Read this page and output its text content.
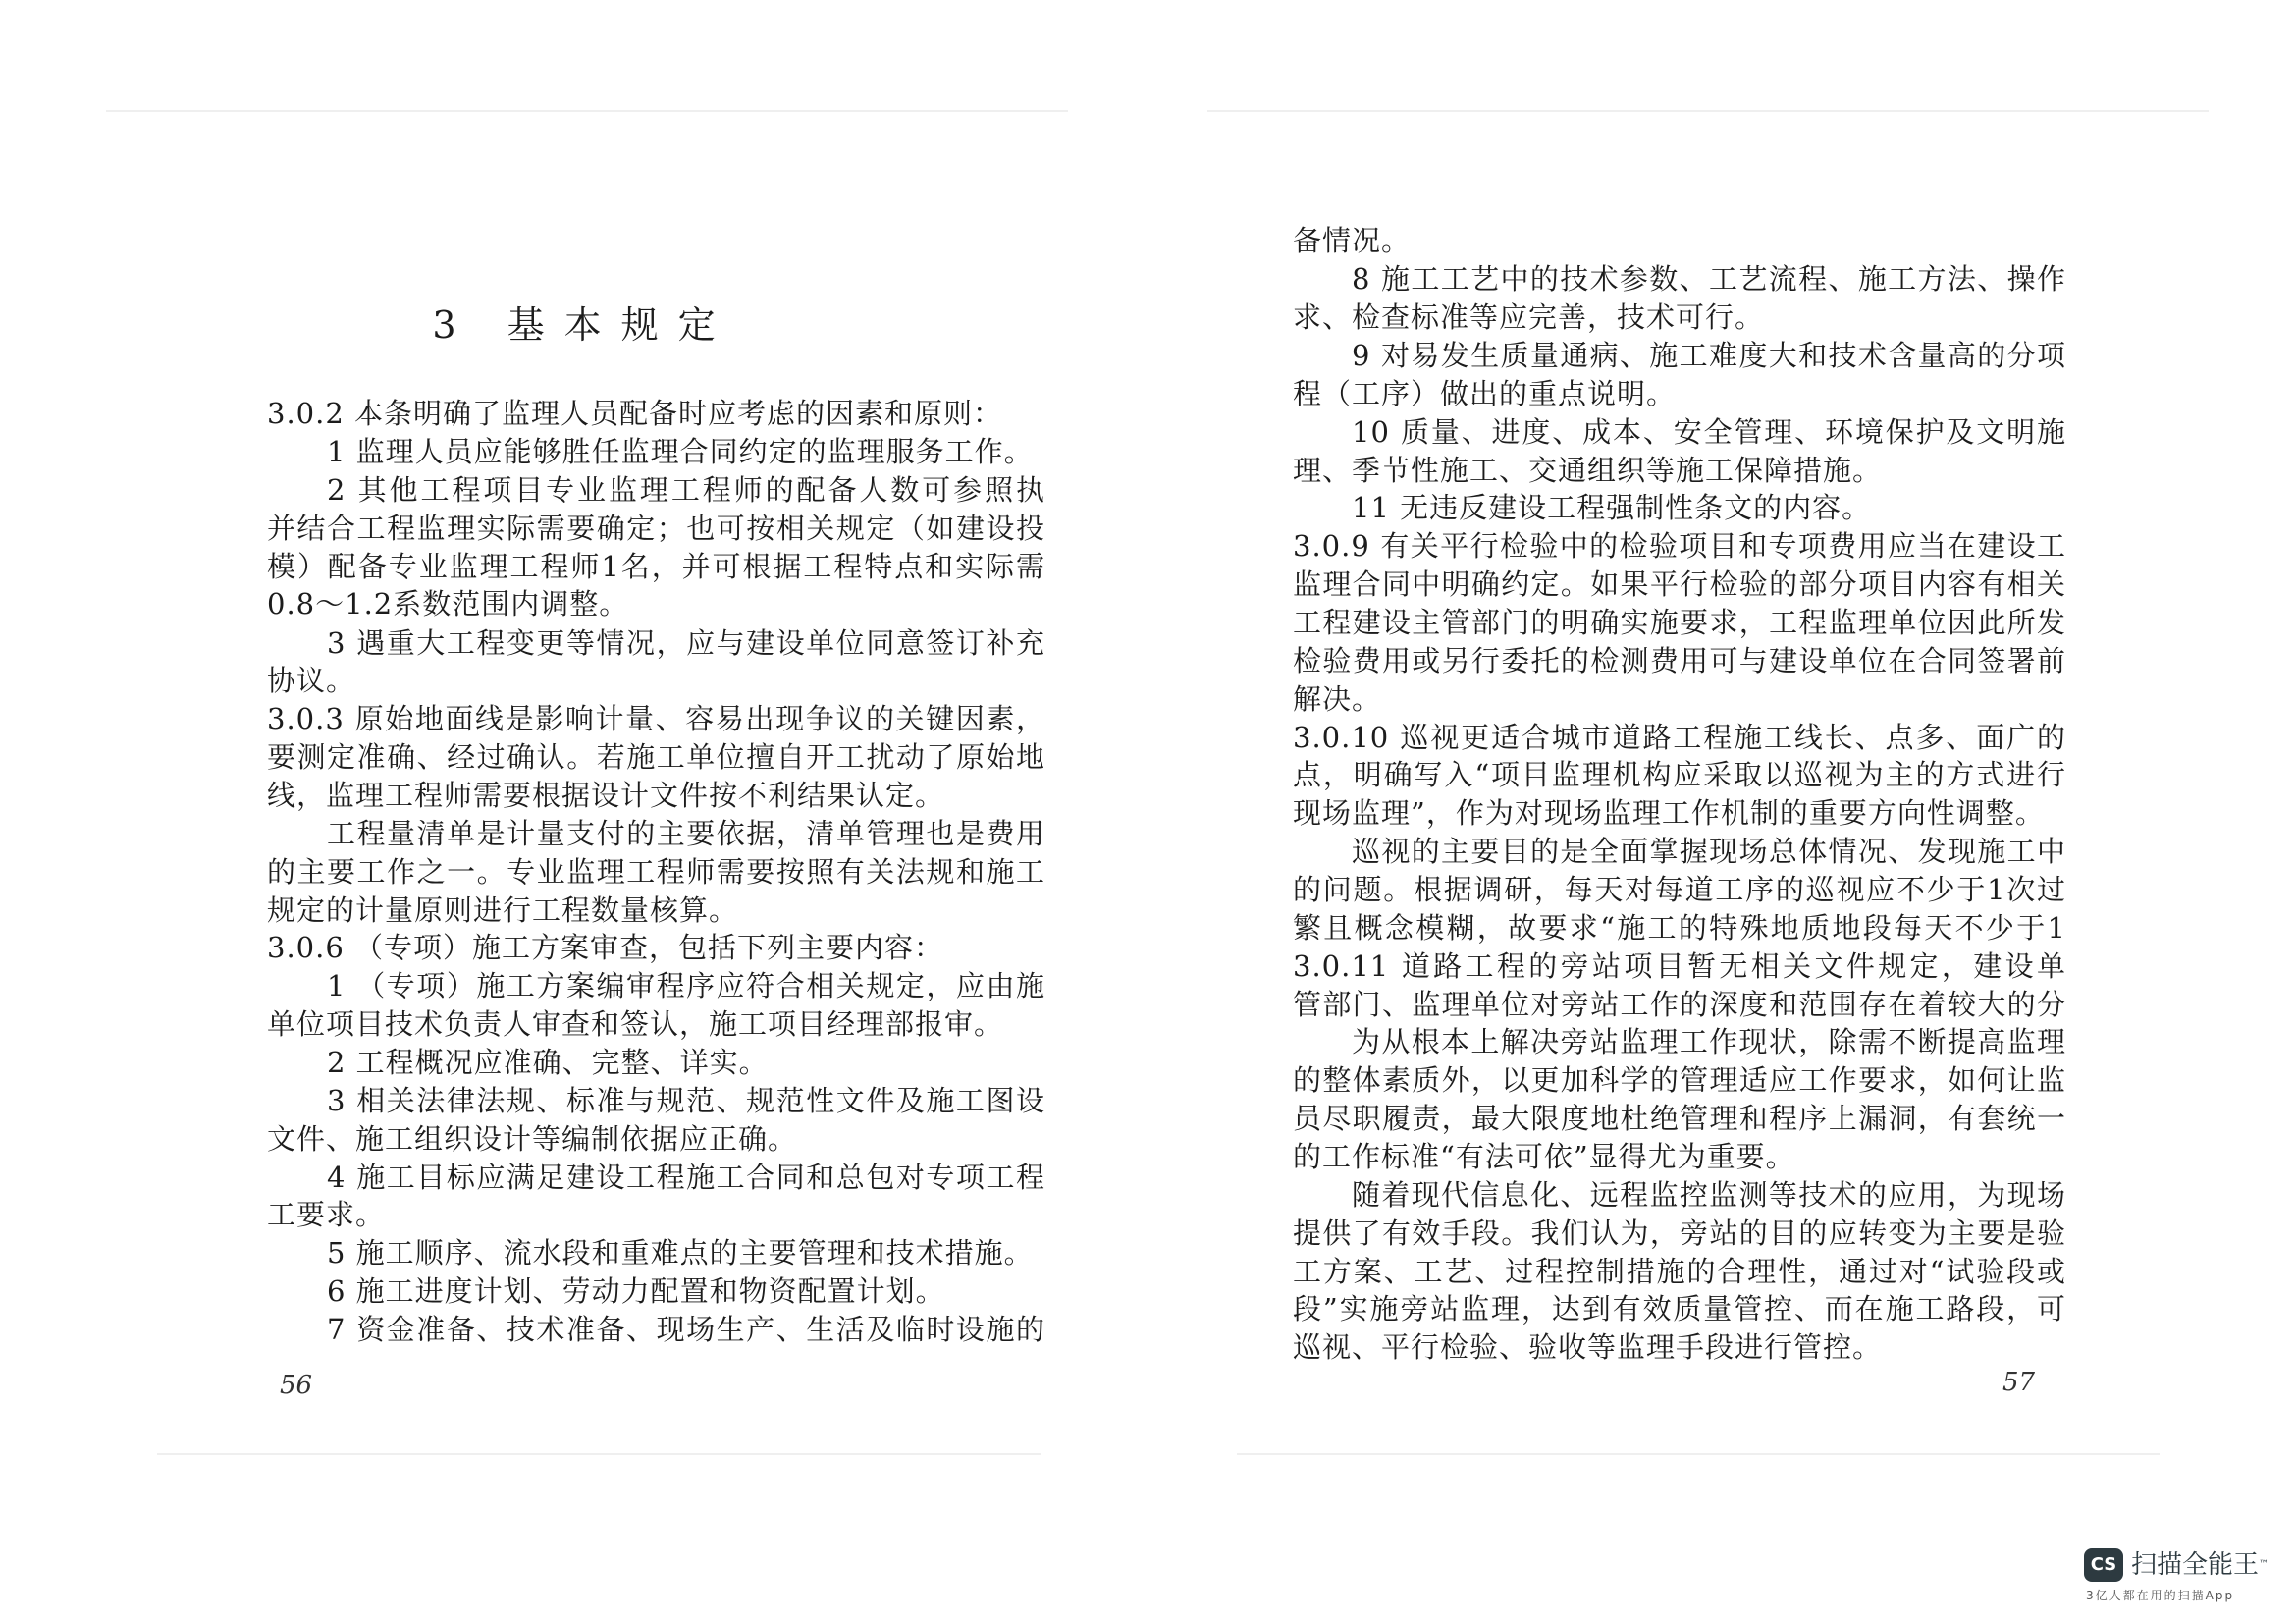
3 基本规定
3.0.2 本条明确了监理人员配备时应考虑的因素和原则：
1 监理人员应能够胜任监理合同约定的监理服务工作。
2 其他工程项目专业监理工程师的配备人数可参照执
并结合工程监理实际需要确定；也可按相关规定（如建设投
模）配备专业监理工程师1名，并可根据工程特点和实际需
0.8～1.2系数范围内调整。
3 遇重大工程变更等情况，应与建设单位同意签订补充
协议。
3.0.3 原始地面线是影响计量、容易出现争议的关键因素，
要测定准确、经过确认。若施工单位擅自开工扰动了原始地
线，监理工程师需要根据设计文件按不利结果认定。
工程量清单是计量支付的主要依据，清单管理也是费用
的主要工作之一。专业监理工程师需要按照有关法规和施工
规定的计量原则进行工程数量核算。
3.0.6 （专项）施工方案审查，包括下列主要内容：
1 （专项）施工方案编审程序应符合相关规定，应由施
单位项目技术负责人审查和签认，施工项目经理部报审。
2 工程概况应准确、完整、详实。
3 相关法律法规、标准与规范、规范性文件及施工图设
文件、施工组织设计等编制依据应正确。
4 施工目标应满足建设工程施工合同和总包对专项工程
工要求。
5 施工顺序、流水段和重难点的主要管理和技术措施。
6 施工进度计划、劳动力配置和物资配置计划。
7 资金准备、技术准备、现场生产、生活及临时设施的
56
备情况。
8 施工工艺中的技术参数、工艺流程、施工方法、操作
求、检查标准等应完善，技术可行。
9 对易发生质量通病、施工难度大和技术含量高的分项
程（工序）做出的重点说明。
10 质量、进度、成本、安全管理、环境保护及文明施
理、季节性施工、交通组织等施工保障措施。
11 无违反建设工程强制性条文的内容。
3.0.9 有关平行检验中的检验项目和专项费用应当在建设工
监理合同中明确约定。如果平行检验的部分项目内容有相关
工程建设主管部门的明确实施要求，工程监理单位因此所发
检验费用或另行委托的检测费用可与建设单位在合同签署前
解决。
3.0.10 巡视更适合城市道路工程施工线长、点多、面广的
点，明确写入“项目监理机构应采取以巡视为主的方式进行
现场监理”，作为对现场监理工作机制的重要方向性调整。
巡视的主要目的是全面掌握现场总体情况、发现施工中
的问题。根据调研，每天对每道工序的巡视应不少于1次过
繁且概念模糊，故要求“施工的特殊地质地段每天不少于1
3.0.11 道路工程的旁站项目暂无相关文件规定，建设单
管部门、监理单位对旁站工作的深度和范围存在着较大的分
为从根本上解决旁站监理工作现状，除需不断提高监理
的整体素质外，以更加科学的管理适应工作要求，如何让监
员尽职履责，最大限度地杜绝管理和程序上漏洞，有套统一
的工作标准“有法可依”显得尤为重要。
随着现代信息化、远程监控监测等技术的应用，为现场
提供了有效手段。我们认为，旁站的目的应转变为主要是验
工方案、工艺、过程控制措施的合理性，通过对“试验段或
段”实施旁站监理，达到有效质量管控、而在施工路段，可
巡视、平行检验、验收等监理手段进行管控。
57
CS 扫描全能王™
3亿人都在用的扫描App
